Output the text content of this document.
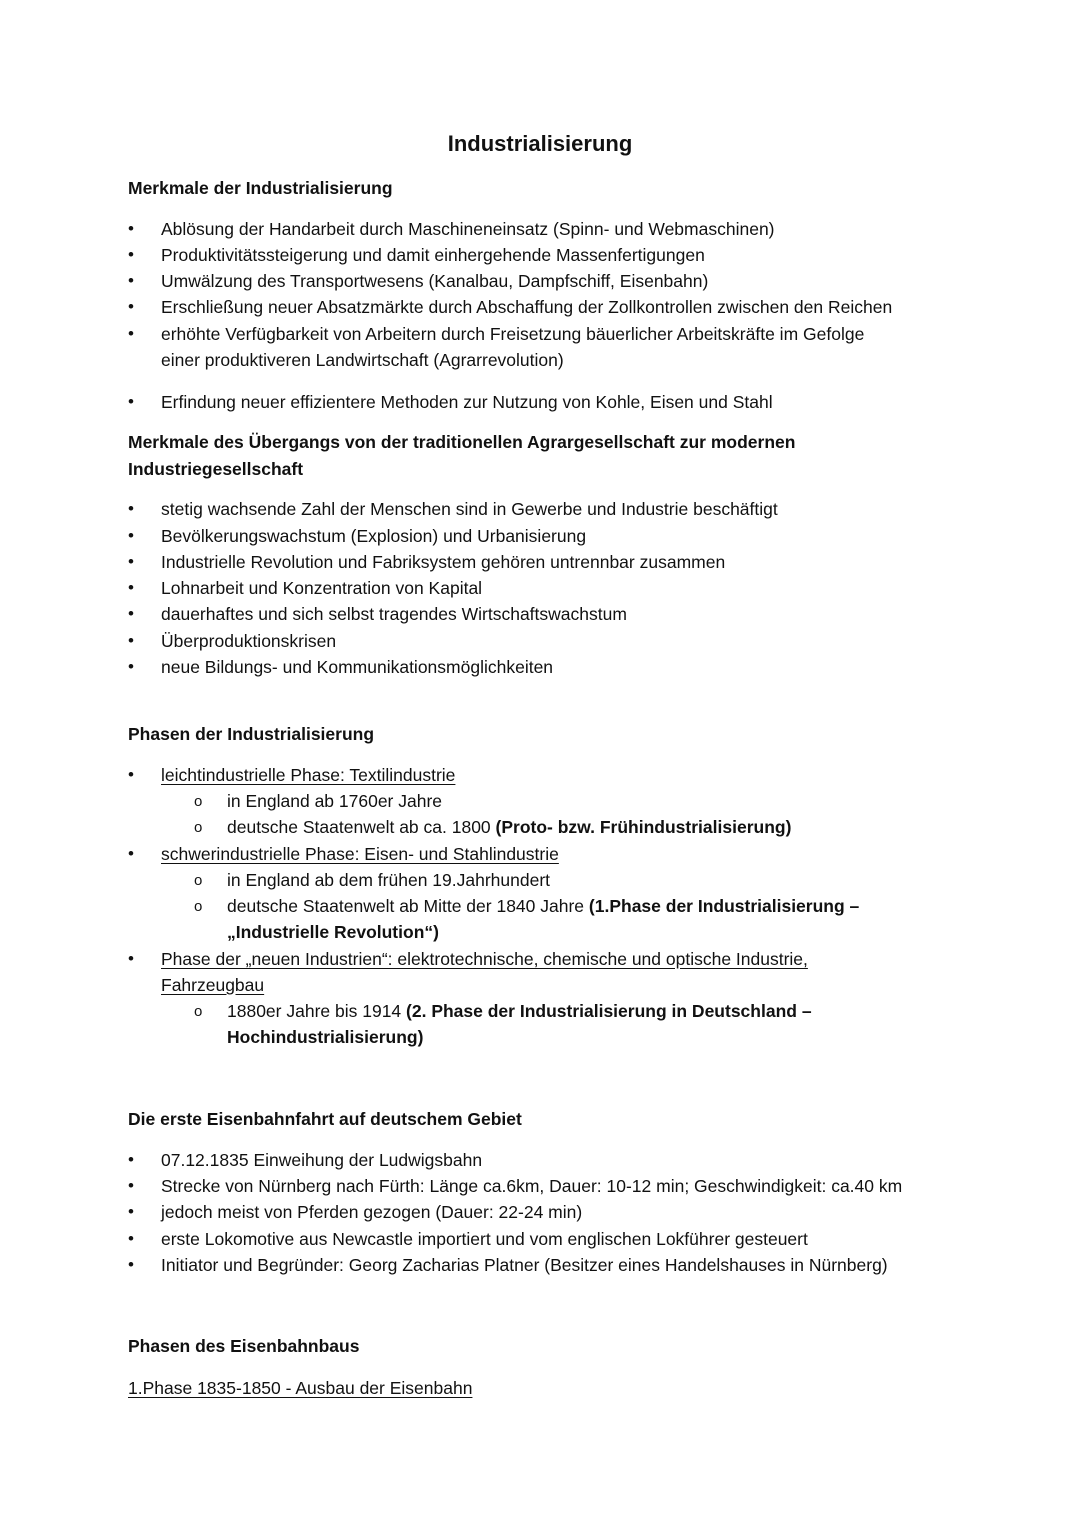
Industrialisierung
Merkmale der Industrialisierung
• Ablösung der Handarbeit durch Maschineneinsatz (Spinn- und Webmaschinen)
• Produktivitätssteigerung und damit einhergehende Massenfertigungen
• Umwälzung des Transportwesens (Kanalbau, Dampfschiff, Eisenbahn)
• Erschließung neuer Absatzmärkte durch Abschaffung der Zollkontrollen zwischen den Reichen
• erhöhte Verfügbarkeit von Arbeitern durch Freisetzung bäuerlicher Arbeitskräfte im Gefolge
einer produktiveren Landwirtschaft (Agrarrevolution)
• Erfindung neuer effizientere Methoden zur Nutzung von Kohle, Eisen und Stahl
Merkmale des Übergangs von der traditionellen Agrargesellschaft zur modernen
Industriegesellschaft
• stetig wachsende Zahl der Menschen sind in Gewerbe und Industrie beschäftigt
• Bevölkerungswachstum (Explosion) und Urbanisierung
• Industrielle Revolution und Fabriksystem gehören untrennbar zusammen
• Lohnarbeit und Konzentration von Kapital
• dauerhaftes und sich selbst tragendes Wirtschaftswachstum
• Überproduktionskrisen
• neue Bildungs- und Kommunikationsmöglichkeiten
Phasen der Industrialisierung
• leichtindustrielle Phase: Textilindustrie
o in England ab 1760er Jahre
o deutsche Staatenwelt ab ca. 1800 (Proto- bzw. Frühindustrialisierung)
• schwerindustrielle Phase: Eisen- und Stahlindustrie
o in England ab dem frühen 19.Jahrhundert
o deutsche Staatenwelt ab Mitte der 1840 Jahre (1.Phase der Industrialisierung –
„Industrielle Revolution“)
• Phase der „neuen Industrien“: elektrotechnische, chemische und optische Industrie,
Fahrzeugbau
o 1880er Jahre bis 1914 (2. Phase der Industrialisierung in Deutschland –
Hochindustrialisierung)
Die erste Eisenbahnfahrt auf deutschem Gebiet
• 07.12.1835 Einweihung der Ludwigsbahn
• Strecke von Nürnberg nach Fürth: Länge ca.6km, Dauer: 10-12 min; Geschwindigkeit: ca.40 km
• jedoch meist von Pferden gezogen (Dauer: 22-24 min)
• erste Lokomotive aus Newcastle importiert und vom englischen Lokführer gesteuert
• Initiator und Begründer: Georg Zacharias Platner (Besitzer eines Handelshauses in Nürnberg)
Phasen des Eisenbahnbaus
1.Phase 1835-1850 - Ausbau der Eisenbahn
